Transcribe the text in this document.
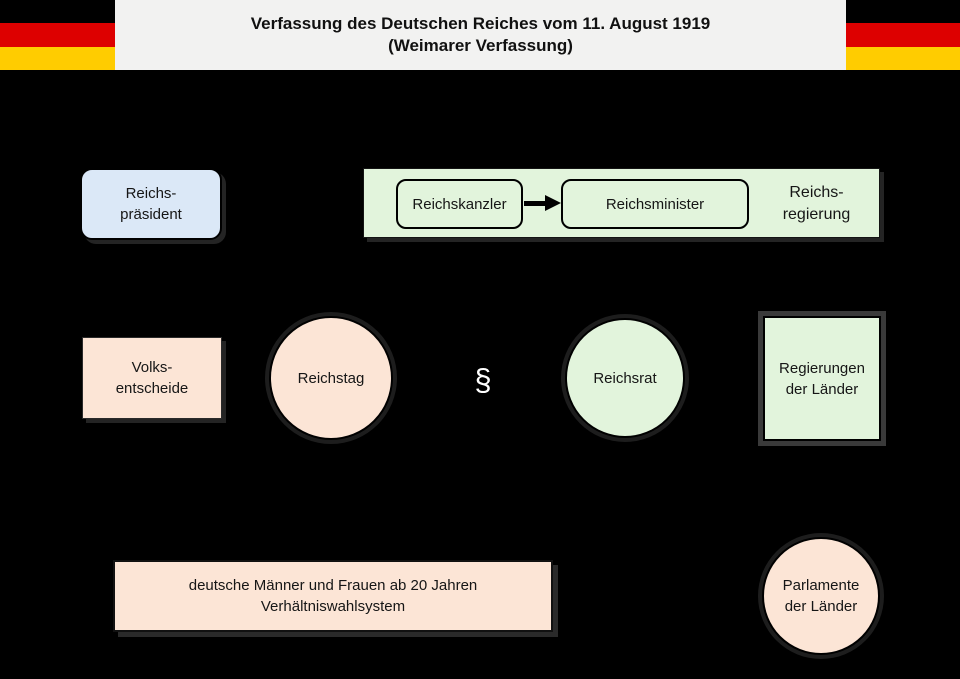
Verfassung des Deutschen Reiches vom 11. August 1919
(Weimarer Verfassung)
Reichs-
präsident
Reichskanzler	Reichsminister
Reichs-
regierung
Volks-
entscheide
Reichstag	§	Reichsrat
Regierungen
der Länder
deutsche Männer und Frauen ab 20 Jahren
Verhältniswahlsystem
Parlamente
der Länder
